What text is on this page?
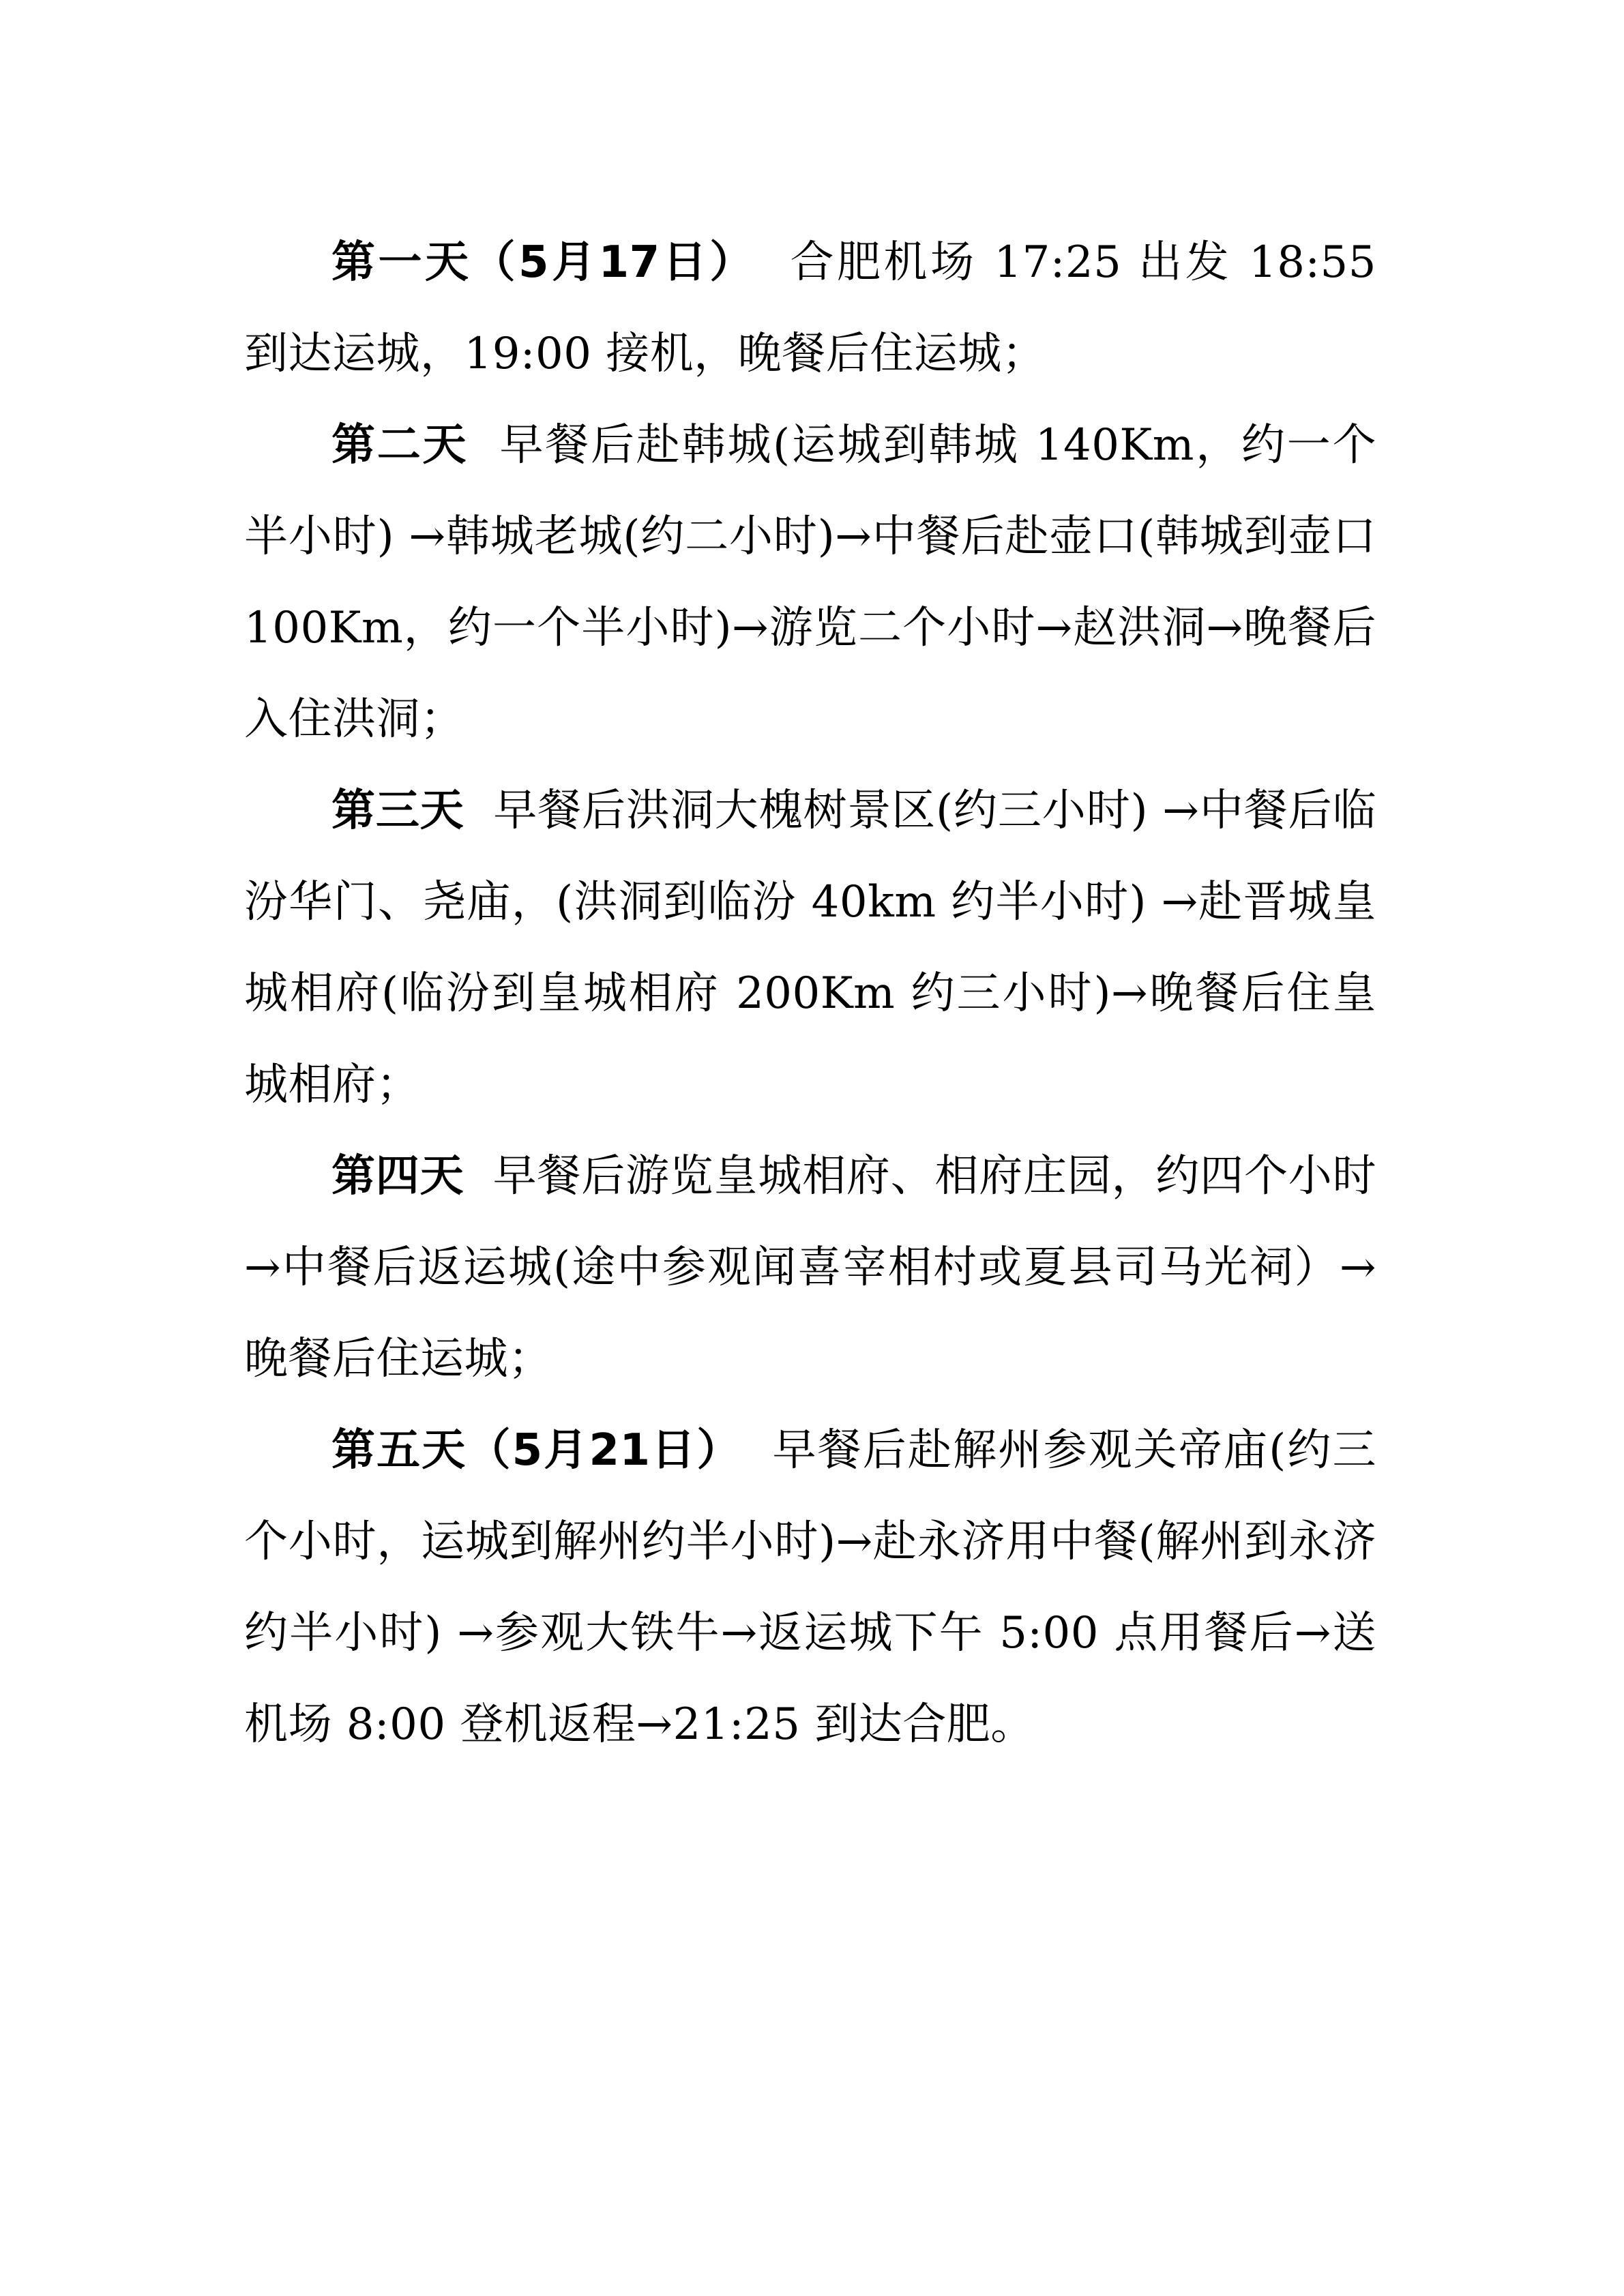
第一天（5月17日） 合肥机场 17:25 出发 18:55 到达运城，19:00 接机，晚餐后住运城；

第二天 早餐后赴韩城(运城到韩城 140Km，约一个半小时) →韩城老城(约二小时)→中餐后赴壶口(韩城到壶口 100Km，约一个半小时)→游览二个小时→赵洪洞→晚餐后入住洪洞；

第三天 早餐后洪洞大槐树景区(约三小时) →中餐后临汾华门、尧庙，(洪洞到临汾 40km 约半小时) →赴晋城皇城相府(临汾到皇城相府 200Km 约三小时)→晚餐后住皇城相府；

第四天 早餐后游览皇城相府、相府庄园，约四个小时→中餐后返运城(途中参观闻喜宰相村或夏县司马光祠）→晚餐后住运城；

第五天（5月21日） 早餐后赴解州参观关帝庙(约三个小时，运城到解州约半小时)→赴永济用中餐(解州到永济约半小时) →参观大铁牛→返运城下午 5:00 点用餐后→送机场 8:00 登机返程→21:25 到达合肥。
